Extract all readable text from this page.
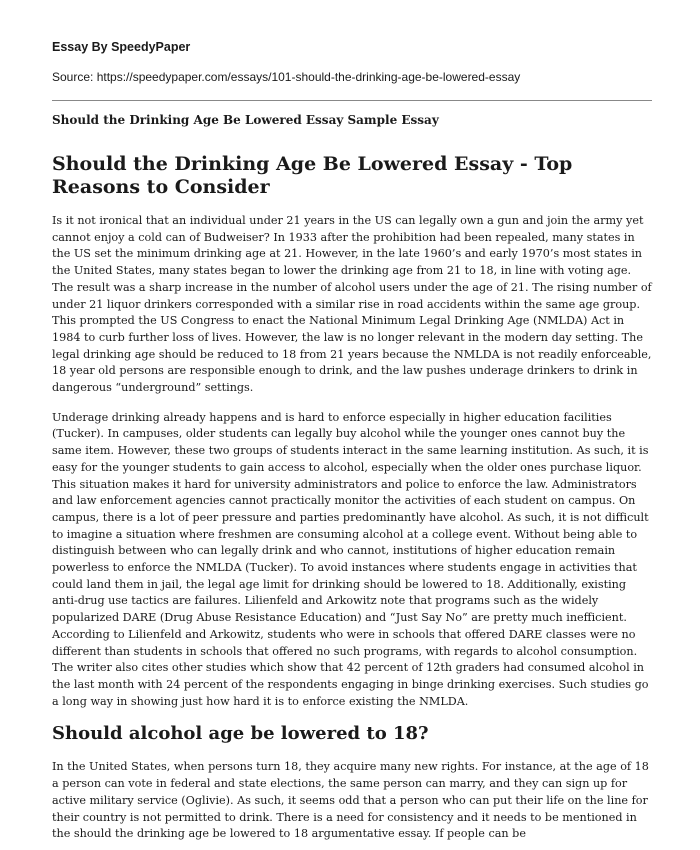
Essay By SpeedyPaper
Source: https://speedypaper.com/essays/101-should-the-drinking-age-be-lowered-essay
Should the Drinking Age Be Lowered Essay Sample Essay
Should the Drinking Age Be Lowered Essay - Top Reasons to Consider

Is it not ironical that an individual under 21 years in the US can legally own a gun and join the army yet cannot enjoy a cold can of Budweiser? In 1933 after the prohibition had been repealed, many states in the US set the minimum drinking age at 21. However, in the late 1960’s and early 1970’s most states in the United States, many states began to lower the drinking age from 21 to 18, in line with voting age. The result was a sharp increase in the number of alcohol users under the age of 21. The rising number of under 21 liquor drinkers corresponded with a similar rise in road accidents within the same age group. This prompted the US Congress to enact the National Minimum Legal Drinking Age (NMLDA) Act in 1984 to curb further loss of lives. However, the law is no longer relevant in the modern day setting. The legal drinking age should be reduced to 18 from 21 years because the NMLDA is not readily enforceable, 18 year old persons are responsible enough to drink, and the law pushes underage drinkers to drink in dangerous “underground” settings.

Underage drinking already happens and is hard to enforce especially in higher education facilities (Tucker). In campuses, older students can legally buy alcohol while the younger ones cannot buy the same item. However, these two groups of students interact in the same learning institution. As such, it is easy for the younger students to gain access to alcohol, especially when the older ones purchase liquor. This situation makes it hard for university administrators and police to enforce the law. Administrators and law enforcement agencies cannot practically monitor the activities of each student on campus. On campus, there is a lot of peer pressure and parties predominantly have alcohol. As such, it is not difficult to imagine a situation where freshmen are consuming alcohol at a college event. Without being able to distinguish between who can legally drink and who cannot, institutions of higher education remain powerless to enforce the NMLDA (Tucker). To avoid instances where students engage in activities that could land them in jail, the legal age limit for drinking should be lowered to 18. Additionally, existing anti-drug use tactics are failures. Lilienfeld and Arkowitz note that programs such as the widely popularized DARE (Drug Abuse Resistance Education) and “Just Say No” are pretty much inefficient. According to Lilienfeld and Arkowitz, students who were in schools that offered DARE classes were no different than students in schools that offered no such programs, with regards to alcohol consumption. The writer also cites other studies which show that 42 percent of 12th graders had consumed alcohol in the last month with 24 percent of the respondents engaging in binge drinking exercises. Such studies go a long way in showing just how hard it is to enforce existing the NMLDA.

Should alcohol age be lowered to 18?

In the United States, when persons turn 18, they acquire many new rights. For instance, at the age of 18 a person can vote in federal and state elections, the same person can marry, and they can sign up for active military service (Oglivie). As such, it seems odd that a person who can put their life on the line for their country is not permitted to drink. There is a need for consistency and it needs to be mentioned in the should the drinking age be lowered to 18 argumentative essay. If people can be
